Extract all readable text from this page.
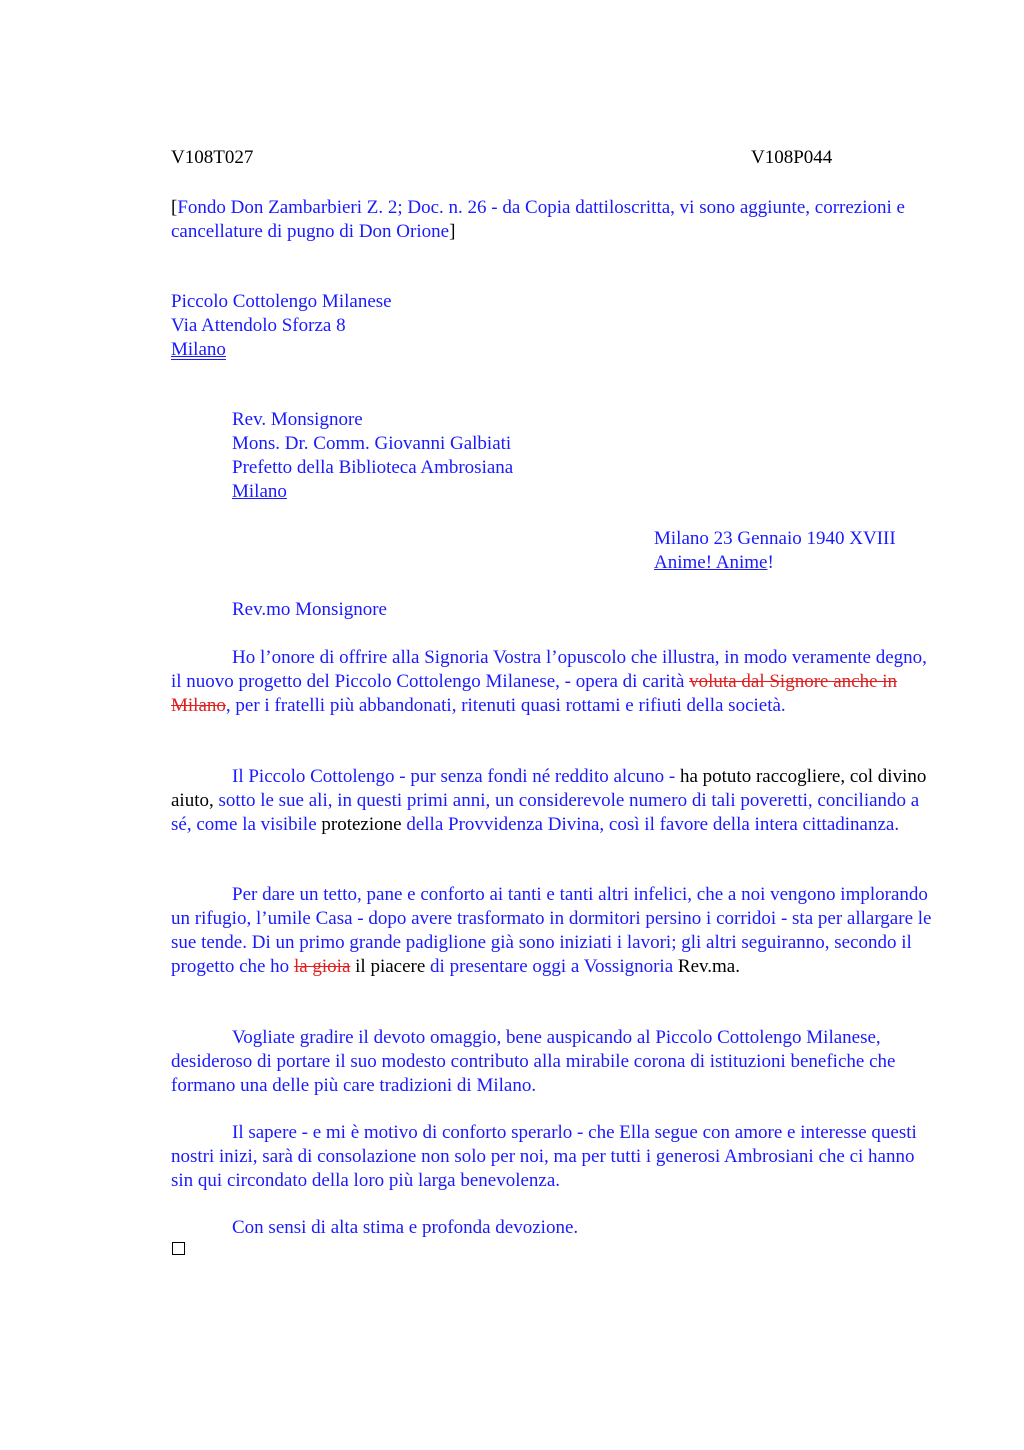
V108T027	V108P044

[Fondo Don Zambarbieri Z. 2; Doc. n. 26 - da Copia dattiloscritta, vi sono aggiunte, correzioni e cancellature di pugno di Don Orione]

Piccolo Cottolengo Milanese
Via Attendolo Sforza 8
Milano
Rev. Monsignore
Mons. Dr. Comm. Giovanni Galbiati
Prefetto della Biblioteca Ambrosiana
Milano
Milano 23 Gennaio 1940 XVIII
Anime! Anime!
Rev.mo Monsignore

Ho l’onore di offrire alla Signoria Vostra l’opuscolo che illustra, in modo veramente degno, il nuovo progetto del Piccolo Cottolengo Milanese, - opera di carità voluta dal Signore anche in Milano, per i fratelli più abbandonati, ritenuti quasi rottami e rifiuti della società.

Il Piccolo Cottolengo - pur senza fondi né reddito alcuno - ha potuto raccogliere, col divino aiuto, sotto le sue ali, in questi primi anni, un considerevole numero di tali poveretti, conciliando a sé, come la visibile protezione della Provvidenza Divina, così il favore della intera cittadinanza.

Per dare un tetto, pane e conforto ai tanti e tanti altri infelici, che a noi vengono implorando un rifugio, l’umile Casa - dopo avere trasformato in dormitori persino i corridoi - sta per allargare le sue tende. Di un primo grande padiglione già sono iniziati i lavori; gli altri seguiranno, secondo il progetto che ho la gioia il piacere di presentare oggi a Vossignoria Rev.ma.

Vogliate gradire il devoto omaggio, bene auspicando al Piccolo Cottolengo Milanese, desideroso di portare il suo modesto contributo alla mirabile corona di istituzioni benefiche che formano una delle più care tradizioni di Milano.

Il sapere - e mi è motivo di conforto sperarlo - che Ella segue con amore e interesse questi nostri inizi, sarà di consolazione non solo per noi, ma per tutti i generosi Ambrosiani che ci hanno sin qui circondato della loro più larga benevolenza.

Con sensi di alta stima e profonda devozione.
